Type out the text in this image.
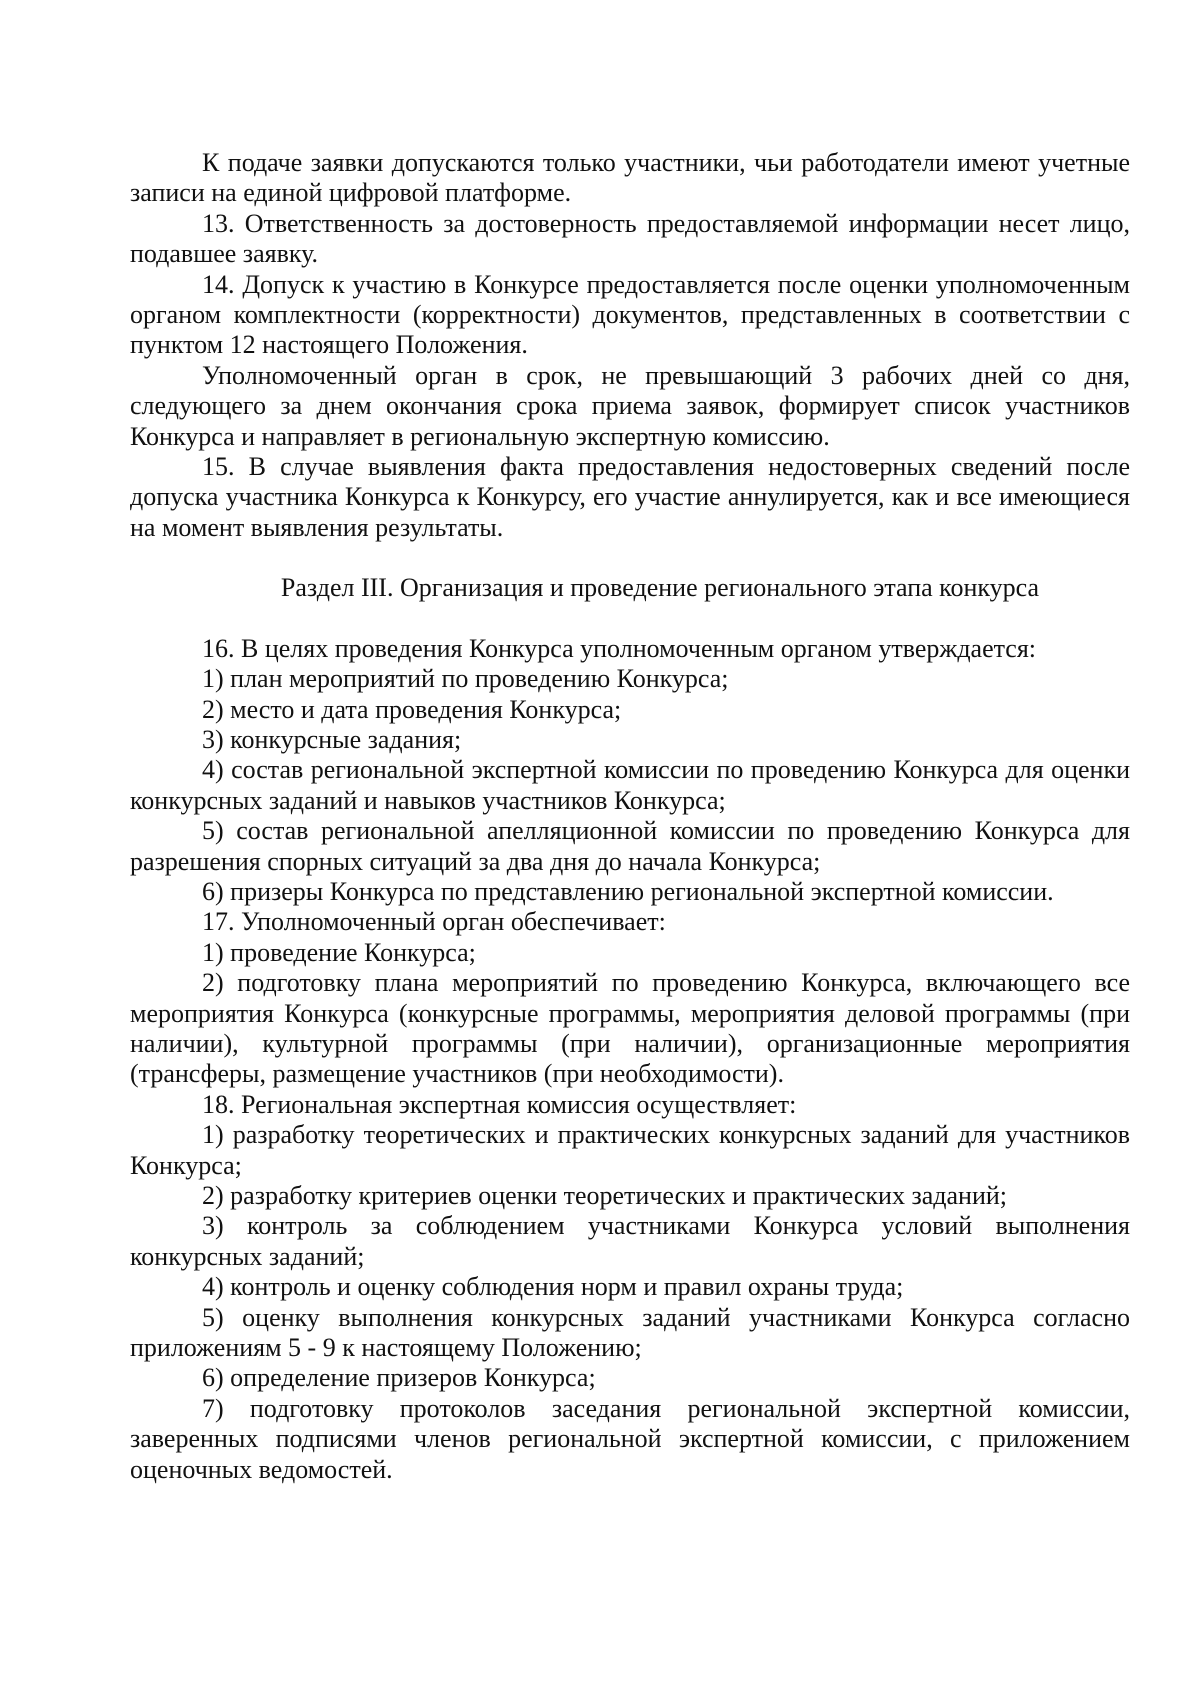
К подаче заявки допускаются только участники, чьи работодатели имеют учетные записи на единой цифровой платформе.

13. Ответственность за достоверность предоставляемой информации несет лицо, подавшее заявку.

14. Допуск к участию в Конкурсе предоставляется после оценки уполномоченным органом комплектности (корректности) документов, представленных в соответствии с пунктом 12 настоящего Положения.

Уполномоченный орган в срок, не превышающий 3 рабочих дней со дня, следующего за днем окончания срока приема заявок, формирует список участников Конкурса и направляет в региональную экспертную комиссию.

15. В случае выявления факта предоставления недостоверных сведений после допуска участника Конкурса к Конкурсу, его участие аннулируется, как и все имеющиеся на момент выявления результаты.

Раздел III. Организация и проведение регионального этапа конкурса

16. В целях проведения Конкурса уполномоченным органом утверждается:

1) план мероприятий по проведению Конкурса;

2) место и дата проведения Конкурса;

3) конкурсные задания;

4) состав региональной экспертной комиссии по проведению Конкурса для оценки конкурсных заданий и навыков участников Конкурса;

5) состав региональной апелляционной комиссии по проведению Конкурса для разрешения спорных ситуаций за два дня до начала Конкурса;

6) призеры Конкурса по представлению региональной экспертной комиссии.

17. Уполномоченный орган обеспечивает:

1) проведение Конкурса;

2) подготовку плана мероприятий по проведению Конкурса, включающего все мероприятия Конкурса (конкурсные программы, мероприятия деловой программы (при наличии), культурной программы (при наличии), организационные мероприятия (трансферы, размещение участников (при необходимости).

18. Региональная экспертная комиссия осуществляет:

1) разработку теоретических и практических конкурсных заданий для участников Конкурса;

2) разработку критериев оценки теоретических и практических заданий;

3) контроль за соблюдением участниками Конкурса условий выполнения конкурсных заданий;

4) контроль и оценку соблюдения норм и правил охраны труда;

5) оценку выполнения конкурсных заданий участниками Конкурса согласно приложениям 5 - 9 к настоящему Положению;

6) определение призеров Конкурса;

7) подготовку протоколов заседания региональной экспертной комиссии, заверенных подписями членов региональной экспертной комиссии, с приложением оценочных ведомостей.
